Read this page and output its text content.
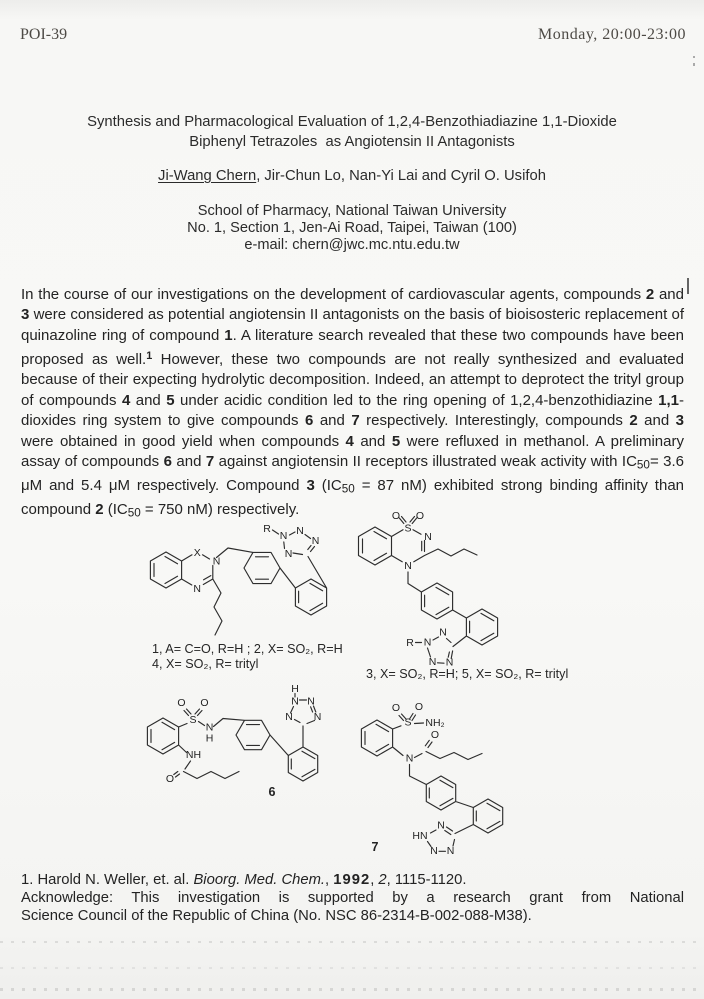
POI-39	Monday, 20:00-23:00
Synthesis and Pharmacological Evaluation of 1,2,4-Benzothiadiazine 1,1-Dioxide
Biphenyl Tetrazoles  as Angiotensin II Antagonists
Ji-Wang Chern, Jir-Chun Lo, Nan-Yi Lai and Cyril O. Usifoh
School of Pharmacy, National Taiwan University
No. 1, Section 1, Jen-Ai Road, Taipei, Taiwan (100)
e-mail: chern@jwc.mc.ntu.edu.tw

In the course of our investigations on the development of cardiovascular agents, compounds 2 and 3 were considered as potential angiotensin II antagonists on the basis of bioisosteric replacement of quinazoline ring of compound 1. A literature search revealed that these two compounds have been proposed as well.$^1$ However, these two compounds are not really synthesized and evaluated because of their expecting hydrolytic decomposition. Indeed, an attempt to deprotect the trityl group of compounds 4 and 5 under acidic condition led to the ring opening of 1,2,4-benzothidiazine 1,1-dioxides ring system to give compounds 6 and 7 respectively. Interestingly, compounds 2 and 3 were obtained in good yield when compounds 4 and 5 were refluxed in methanol. A preliminary assay of compounds 6 and 7 against angiotensin II receptors illustrated weak activity with $IC_{50}= 3.6$ μM and 5.4 μM respectively. Compound 3 ($IC_{50} = 87$ nM) exhibited strong binding affinity than compound 2 ($IC_{50} = 750$ nM) respectively.

X
N
N
R
N N
N
N
1, A= C=O, R=H ; 2, X= SO₂, R=H
4, X= SO₂, R= trityl
O O
S
N
N
R
N
N
N N
3, X= SO₂, R=H; 5, X= SO₂, R= trityl
O O
S
N
H
H
N
N N
N
NH
O
6
O O
S NH₂
N
O
HN
N
N N
7
1. Harold N. Weller, et. al. Bioorg. Med. Chem., 1992, 2, 1115-1120.
Acknowledge: This investigation is supported by a research grant from National
Science Council of the Republic of China (No. NSC 86-2314-B-002-088-M38).
